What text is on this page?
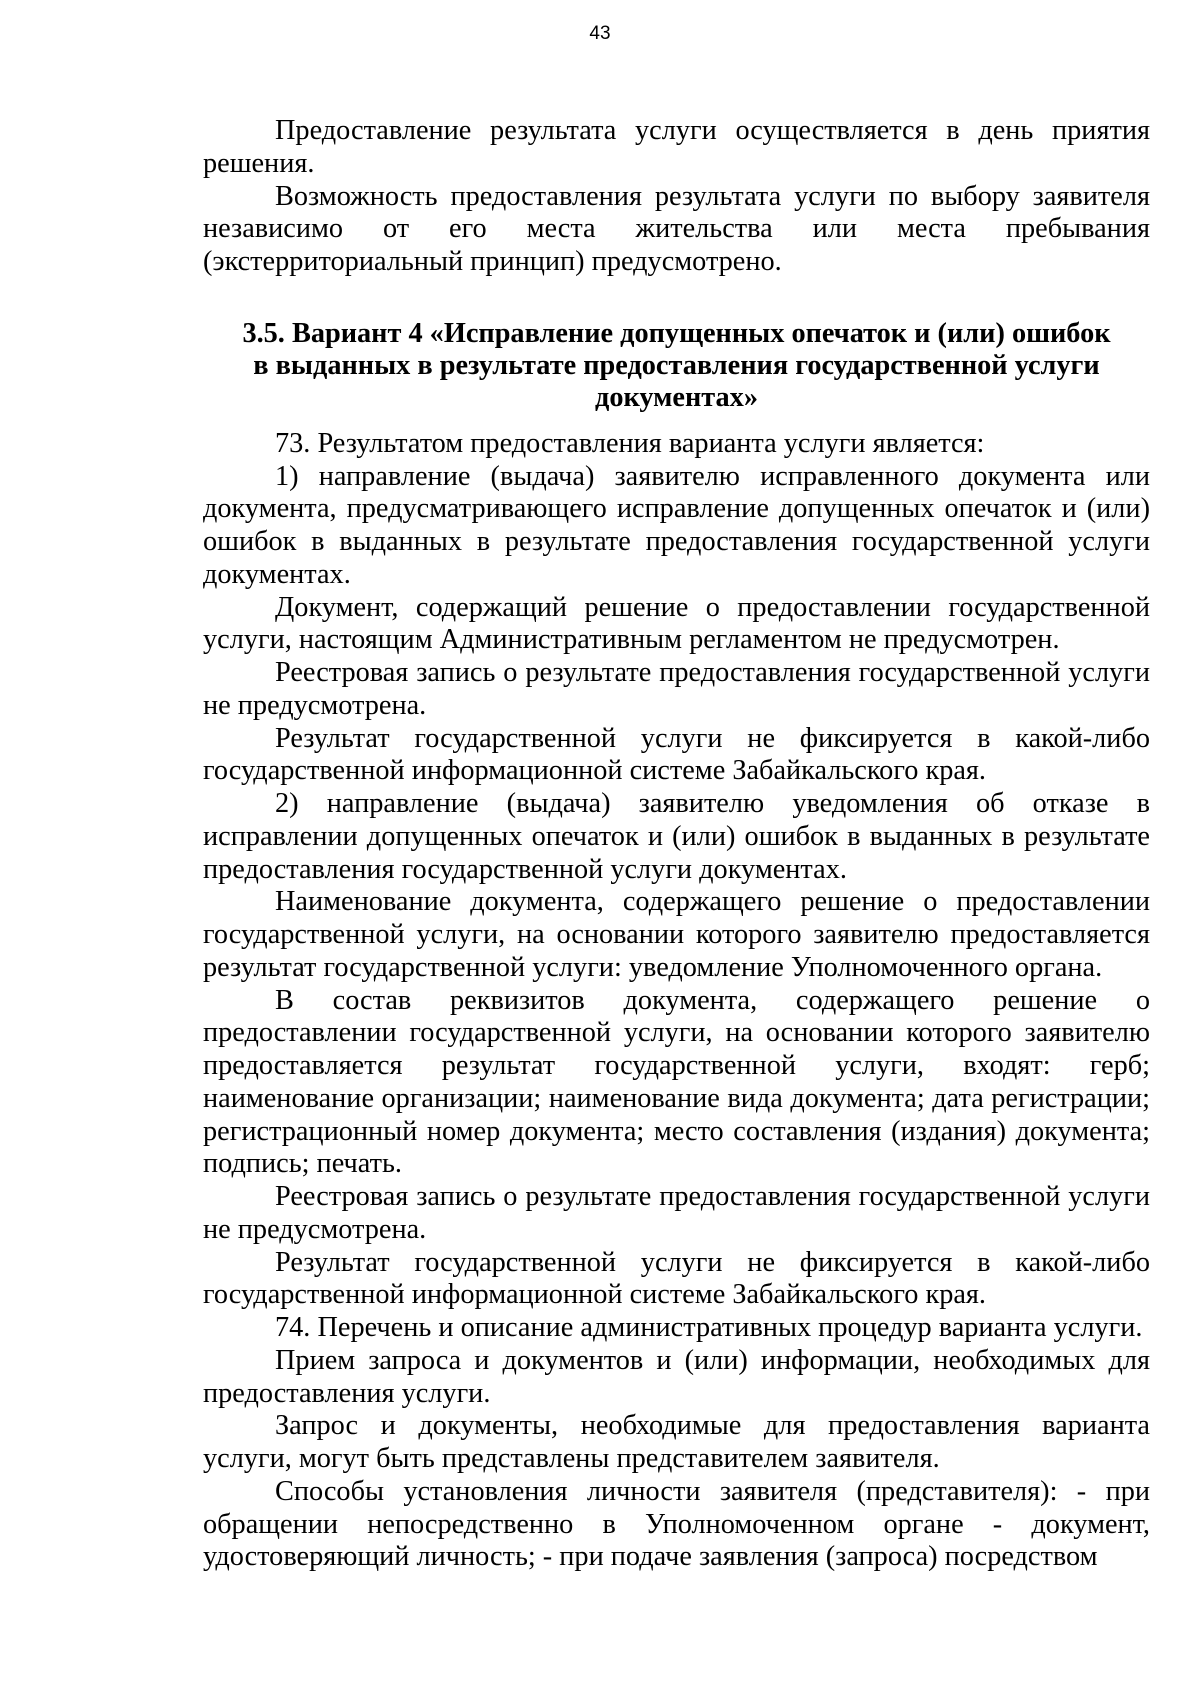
43

Предоставление результата услуги осуществляется в день приятия решения.

Возможность предоставления результата услуги по выбору заявителя независимо от его места жительства или места пребывания (экстерриториальный принцип) предусмотрено.

3.5. Вариант 4 «Исправление допущенных опечаток и (или) ошибок
в выданных в результате предоставления государственной услуги
документах»

73. Результатом предоставления варианта услуги является:

1) направление (выдача) заявителю исправленного документа или документа, предусматривающего исправление допущенных опечаток и (или) ошибок в выданных в результате предоставления государственной услуги документах.

Документ, содержащий решение о предоставлении государственной услуги, настоящим Административным регламентом не предусмотрен.

Реестровая запись о результате предоставления государственной услуги не предусмотрена.

Результат государственной услуги не фиксируется в какой-либо государственной информационной системе Забайкальского края.

2) направление (выдача) заявителю уведомления об отказе в исправлении допущенных опечаток и (или) ошибок в выданных в результате предоставления государственной услуги документах.

Наименование документа, содержащего решение о предоставлении государственной услуги, на основании которого заявителю предоставляется результат государственной услуги: уведомление Уполномоченного органа.

В состав реквизитов документа, содержащего решение о предоставлении государственной услуги, на основании которого заявителю предоставляется результат государственной услуги, входят: герб; наименование организации; наименование вида документа; дата регистрации; регистрационный номер документа; место составления (издания) документа; подпись; печать.

Реестровая запись о результате предоставления государственной услуги не предусмотрена.

Результат государственной услуги не фиксируется в какой-либо государственной информационной системе Забайкальского края.

74. Перечень и описание административных процедур варианта услуги.

Прием запроса и документов и (или) информации, необходимых для предоставления услуги.

Запрос и документы, необходимые для предоставления варианта услуги, могут быть представлены представителем заявителя.

Способы установления личности заявителя (представителя): - при обращении непосредственно в Уполномоченном органе - документ, удостоверяющий личность; - при подаче заявления (запроса) посредством
